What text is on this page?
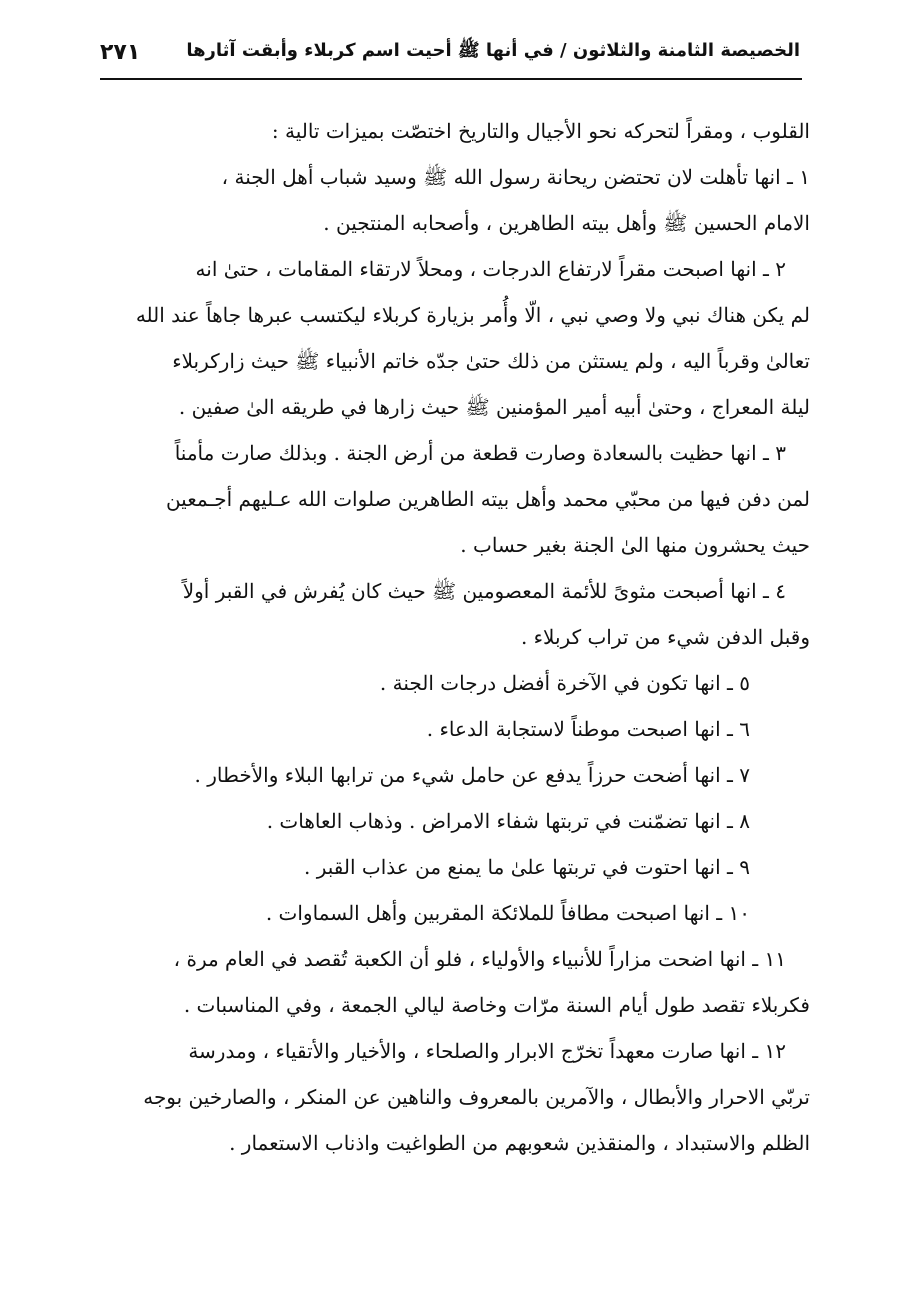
٢٧١	الخصيصة الثامنة والثلاثون / في أنها ﷺ أحيت اسم كربلاء وأبقت آثارها
القلوب ، ومقراً لتحركه نحو الأجيال والتاريخ اختصّت بميزات تالية :
١ ـ انها تأهلت لان تحتضن ريحانة رسول الله ﷺ وسيد شباب أهل الجنة ،
الامام الحسين ﷺ وأهل بيته الطاهرين ، وأصحابه المنتجين .
٢ ـ انها اصبحت مقراً لارتفاع الدرجات ، ومحلاً لارتقاء المقامات ، حتىٰ انه
لم يكن هناك نبي ولا وصي نبي ، الّا وأُمر بزيارة كربلاء ليكتسب عبرها جاهاً عند الله
تعالىٰ وقرباً اليه ، ولم يستثن من ذلك حتىٰ جدّه خاتم الأنبياء ﷺ حيث زاركربلاء
ليلة المعراج ، وحتىٰ أبيه أمير المؤمنين ﷺ حيث زارها في طريقه الىٰ صفين .
٣ ـ انها حظيت بالسعادة وصارت قطعة من أرض الجنة . وبذلك صارت مأمناً
لمن دفن فيها من محبّي محمد وأهل بيته الطاهرين صلوات الله عـليهم أجـمعين
حيث يحشرون منها الىٰ الجنة بغير حساب .
٤ ـ انها أصبحت مثوىً للأئمة المعصومين ﷺ حيث كان يُفرش في القبر أولاً
وقبل الدفن شيء من تراب كربلاء .
٥ ـ انها تكون في الآخرة أفضل درجات الجنة .
٦ ـ انها اصبحت موطناً لاستجابة الدعاء .
٧ ـ انها أضحت حرزاً يدفع عن حامل شيء من ترابها البلاء والأخطار .
٨ ـ انها تضمّنت في تربتها شفاء الامراض . وذهاب العاهات .
٩ ـ انها احتوت في تربتها علىٰ ما يمنع من عذاب القبر .
١٠ ـ انها اصبحت مطافاً للملائكة المقربين وأهل السماوات .
١١ ـ انها اضحت مزاراً للأنبياء والأولياء ، فلو أن الكعبة تُقصد في العام مرة ،
فكربلاء تقصد طول أيام السنة مرّات وخاصة ليالي الجمعة ، وفي المناسبات .
١٢ ـ انها صارت معهداً تخرّج الابرار والصلحاء ، والأخيار والأتقياء ، ومدرسة
تربّي الاحرار والأبطال ، والآمرين بالمعروف والناهين عن المنكر ، والصارخين بوجه
الظلم والاستبداد ، والمنقذين شعوبهم من الطواغيت واذناب الاستعمار .
